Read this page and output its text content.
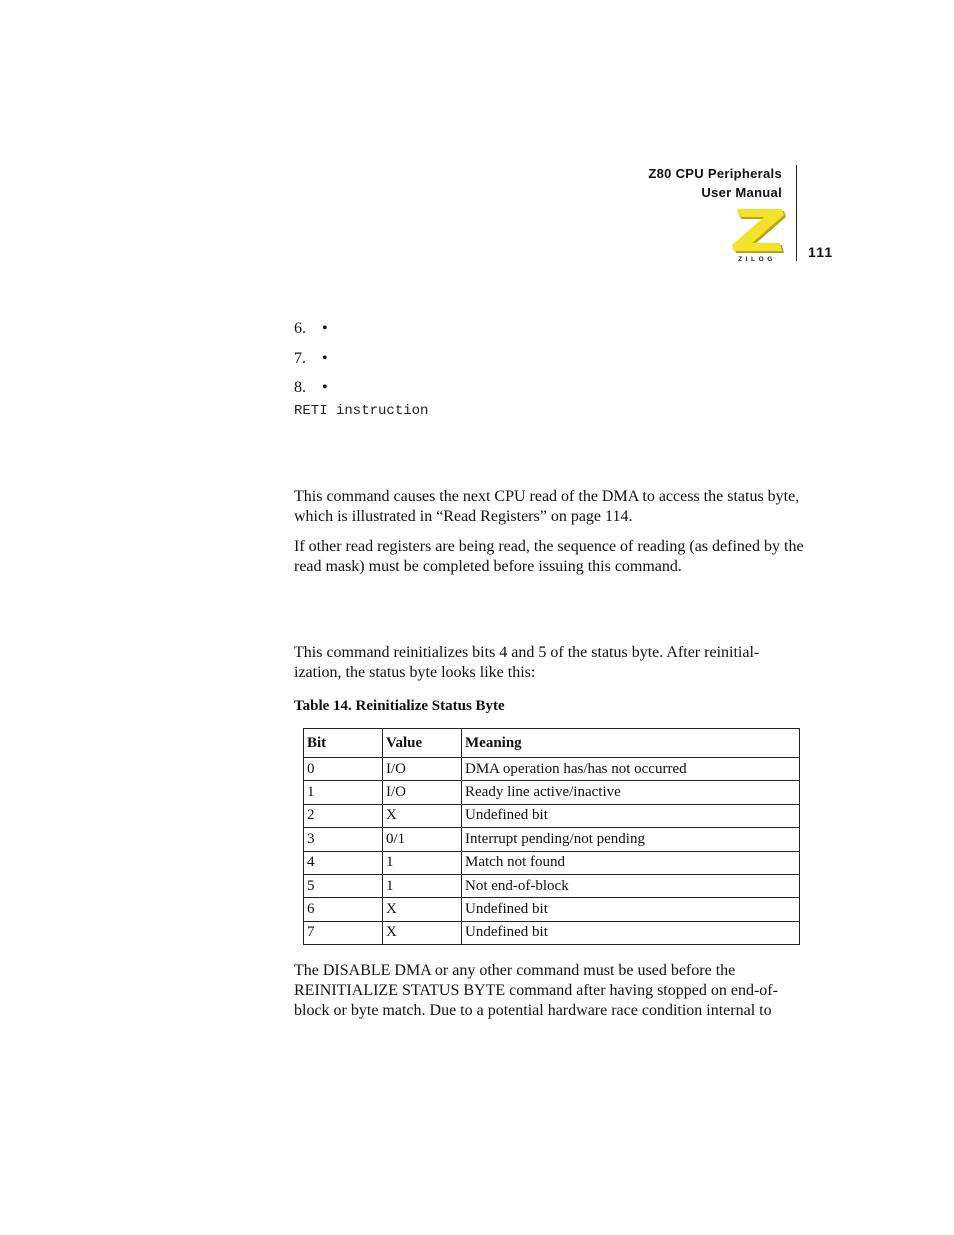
Z80 CPU Peripherals
User Manual
ZILOG 111
6.	•
7.	•
8.	•
RETI instruction
This command causes the next CPU read of the DMA to access the status byte, which is illustrated in “Read Registers” on page 114.
If other read registers are being read, the sequence of reading (as defined by the read mask) must be completed before issuing this command.
This command reinitializes bits 4 and 5 of the status byte. After reinitial-ization, the status byte looks like this:
Table 14. Reinitialize Status Byte
Bit	Value	Meaning
0	I/O	DMA operation has/has not occurred
1	I/O	Ready line active/inactive
2	X	Undefined bit
3	0/1	Interrupt pending/not pending
4	1	Match not found
5	1	Not end-of-block
6	X	Undefined bit
7	X	Undefined bit
The DISABLE DMA or any other command must be used before the REINITIALIZE STATUS BYTE command after having stopped on end-of-block or byte match. Due to a potential hardware race condition internal to
